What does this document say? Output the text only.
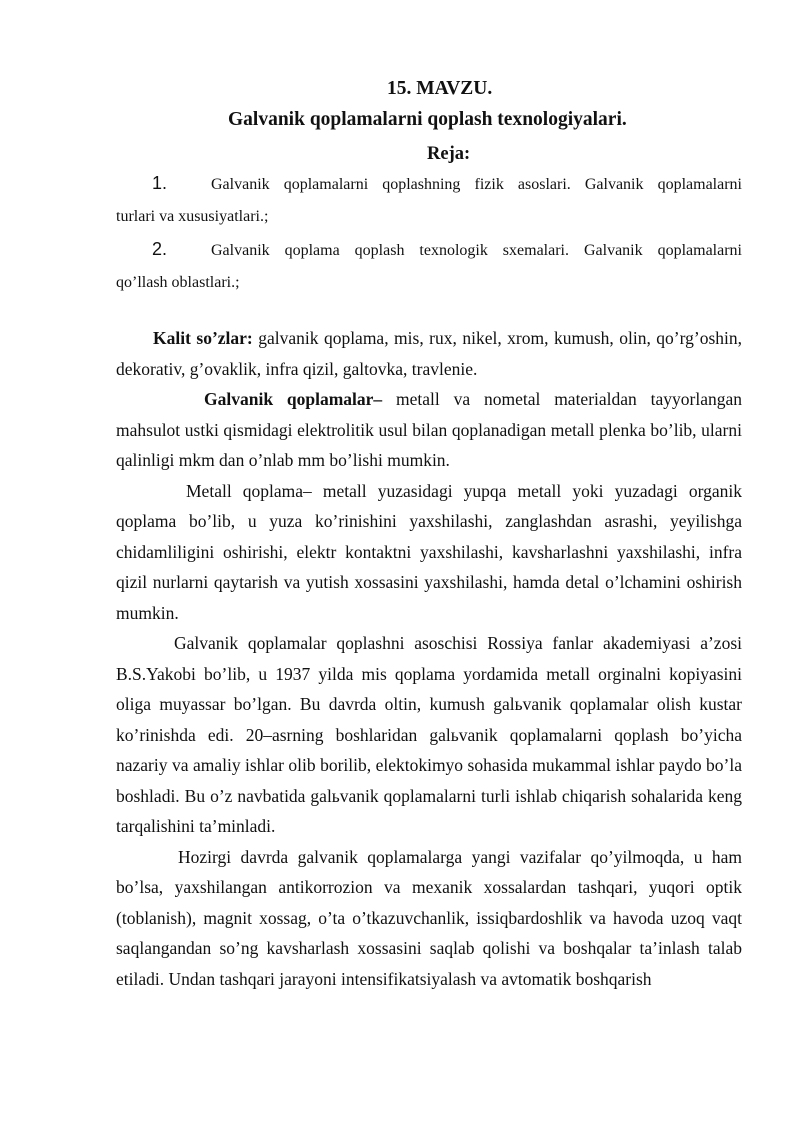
15. MAVZU.
Galvanik qoplamalarni qoplash texnologiyalari.
Reja:
1.	Galvanik qoplamalarni qoplashning fizik asoslari. Galvanik qoplamalarni
turlari va xususiyatlari.;
2.	Galvanik qoplama qoplash texnologik sxemalari. Galvanik qoplamalarni
qo’llash oblastlari.;

Kalit so’zlar: galvanik qoplama, mis, rux, nikel, xrom, kumush, olin, qo’rg’oshin, dekorativ, g’ovaklik, infra qizil, galtovka, travlenie.

Galvanik qoplamalar– metall va nometal materialdan tayyorlangan mahsulot ustki qismidagi elektrolitik usul bilan qoplanadigan metall plenka bo’lib, ularni qalinligi mkm dan o’nlab mm bo’lishi mumkin.

Metall qoplama– metall yuzasidagi yupqa metall yoki yuzadagi organik qoplama bo’lib, u yuza ko’rinishini yaxshilashi, zanglashdan asrashi, yeyilishga chidamliligini oshirishi, elektr kontaktni yaxshilashi, kavsharlashni yaxshilashi, infra qizil nurlarni qaytarish va yutish xossasini yaxshilashi, hamda detal o’lchamini oshirish mumkin.

Galvanik qoplamalar qoplashni asoschisi Rossiya fanlar akademiyasi a’zosi B.S.Yakobi bo’lib, u 1937 yilda mis qoplama yordamida metall orginalni kopiyasini oliga muyassar bo’lgan. Bu davrda oltin, kumush galьvanik qoplamalar olish kustar ko’rinishda edi. 20–asrning boshlaridan galьvanik qoplamalarni qoplash bo’yicha nazariy va amaliy ishlar olib borilib, elektokimyo sohasida mukammal ishlar paydo bo’la boshladi. Bu o’z navbatida galьvanik qoplamalarni turli ishlab chiqarish sohalarida keng tarqalishini ta’minladi.

Hozirgi davrda galvanik qoplamalarga yangi vazifalar qo’yilmoqda, u ham bo’lsa, yaxshilangan antikorrozion va mexanik xossalardan tashqari, yuqori optik (toblanish), magnit xossag, o’ta o’tkazuvchanlik, issiqbardoshlik va havoda uzoq vaqt saqlangandan so’ng kavsharlash xossasini saqlab qolishi va boshqalar ta’inlash talab etiladi. Undan tashqari jarayoni intensifikatsiyalash va avtomatik boshqarish
